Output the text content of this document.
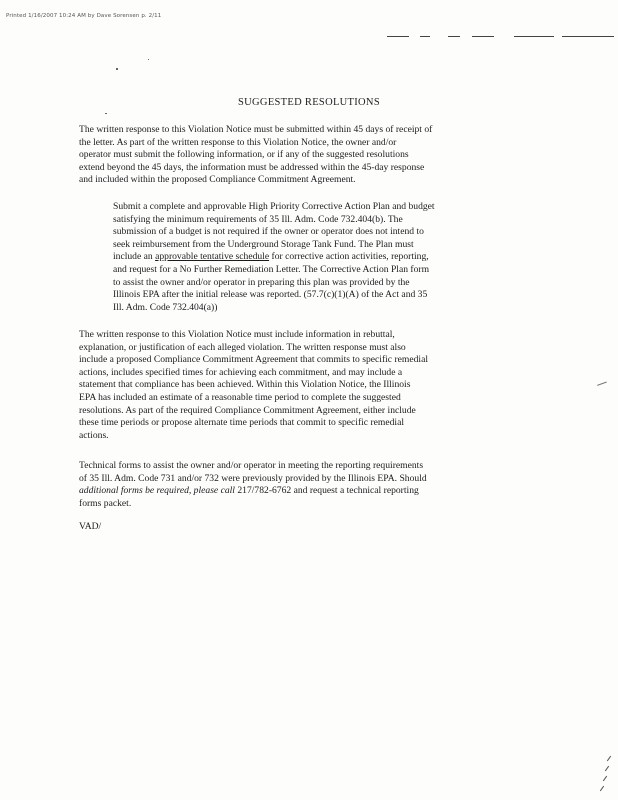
Printed 1/16/2007 10:24 AM by Dave Sorensen p. 2/11
SUGGESTED RESOLUTIONS
The written response to this Violation Notice must be submitted within 45 days of receipt of
the letter. As part of the written response to this Violation Notice, the owner and/or
operator must submit the following information, or if any of the suggested resolutions
extend beyond the 45 days, the information must be addressed within the 45-day response
and included within the proposed Compliance Commitment Agreement.
Submit a complete and approvable High Priority Corrective Action Plan and budget
satisfying the minimum requirements of 35 Ill. Adm. Code 732.404(b). The
submission of a budget is not required if the owner or operator does not intend to
seek reimbursement from the Underground Storage Tank Fund. The Plan must
include an approvable tentative schedule for corrective action activities, reporting,
and request for a No Further Remediation Letter. The Corrective Action Plan form
to assist the owner and/or operator in preparing this plan was provided by the
Illinois EPA after the initial release was reported. (57.7(c)(1)(A) of the Act and 35
Ill. Adm. Code 732.404(a))
The written response to this Violation Notice must include information in rebuttal,
explanation, or justification of each alleged violation. The written response must also
include a proposed Compliance Commitment Agreement that commits to specific remedial
actions, includes specified times for achieving each commitment, and may include a
statement that compliance has been achieved. Within this Violation Notice, the Illinois
EPA has included an estimate of a reasonable time period to complete the suggested
resolutions. As part of the required Compliance Commitment Agreement, either include
these time periods or propose alternate time periods that commit to specific remedial
actions.
Technical forms to assist the owner and/or operator in meeting the reporting requirements
of 35 Ill. Adm. Code 731 and/or 732 were previously provided by the Illinois EPA. Should
additional forms be required, please call 217/782-6762 and request a technical reporting
forms packet.
VAD/
